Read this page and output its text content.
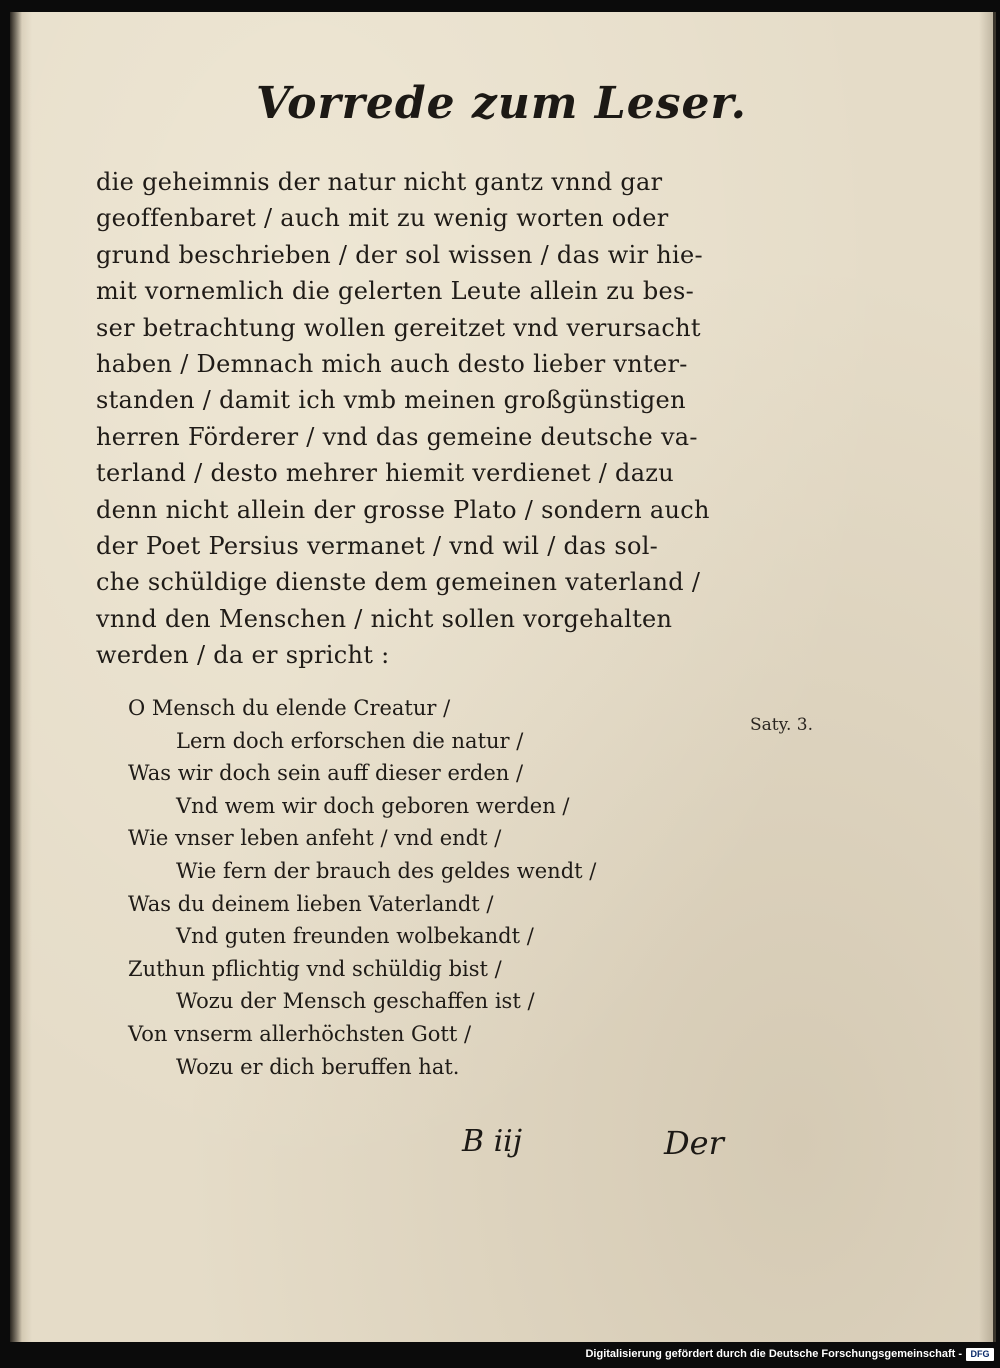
Vorrede zum Leser.
die geheimnis der natur nicht gantz vnnd gar
geoffenbaret / auch mit zu wenig worten oder
grund beschrieben / der sol wissen / das wir hie-
mit vornemlich die gelerten Leute allein zu bes-
ser betrachtung wollen gereitzet vnd verursacht
haben / Demnach mich auch desto lieber vnter-
standen / damit ich vmb meinen großgünstigen
herren Förderer / vnd das gemeine deutsche va-
terland / desto mehrer hiemit verdienet / dazu
denn nicht allein der grosse Plato / sondern auch
der Poet Persius vermanet / vnd wil / das sol-
che schüldige dienste dem gemeinen vaterland /
vnnd den Menschen / nicht sollen vorgehalten
werden / da er spricht :
O Mensch du elende Creatur /
Lern doch erforschen die natur /
Was wir doch sein auff dieser erden /
Vnd wem wir doch geboren werden /
Wie vnser leben anfeht / vnd endt /
Wie fern der brauch des geldes wendt /
Was du deinem lieben Vaterlandt /
Vnd guten freunden wolbekandt /
Zuthun pflichtig vnd schüldig bist /
Wozu der Mensch geschaffen ist /
Von vnserm allerhöchsten Gott /
Wozu er dich beruffen hat.
Saty. 3.
B iij	Der
Digitalisierung gefördert durch die Deutsche Forschungsgemeinschaft - DFG
